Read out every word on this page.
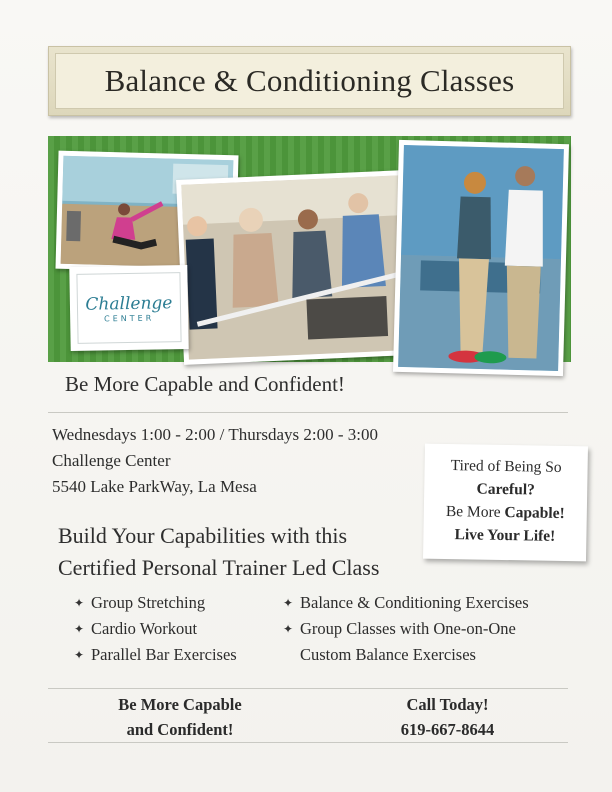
Balance & Conditioning Classes
Challenge
CENTER
Be More Capable and Confident!
Wednesdays 1:00 - 2:00 / Thursdays 2:00 - 3:00
Challenge Center
5540 Lake ParkWay, La Mesa
Tired of Being So
Careful?
Be More Capable!
Live Your Life!
Build Your Capabilities with this
Certified Personal Trainer Led Class
✦ Group Stretching
✦ Cardio Workout
✦ Parallel Bar Exercises
✦ Balance & Conditioning Exercises
✦ Group Classes with One-on-One
Custom Balance Exercises
Be More Capable
and Confident!
Call Today!
619-667-8644
